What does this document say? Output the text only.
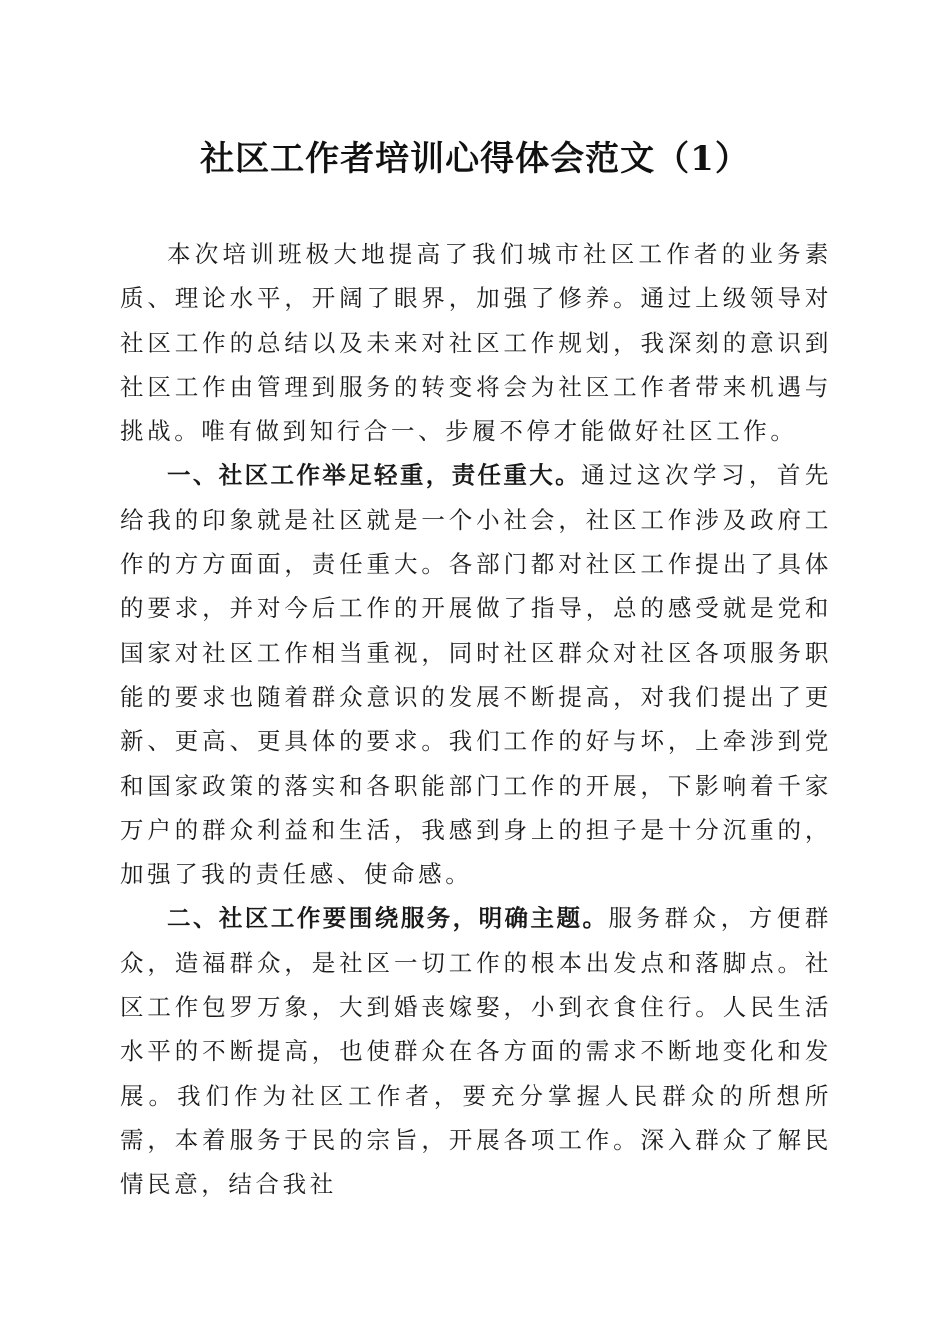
社区工作者培训心得体会范文（1）

本次培训班极大地提高了我们城市社区工作者的业务素质、理论水平，开阔了眼界，加强了修养。通过上级领导对社区工作的总结以及未来对社区工作规划，我深刻的意识到社区工作由管理到服务的转变将会为社区工作者带来机遇与挑战。唯有做到知行合一、步履不停才能做好社区工作。

一、社区工作举足轻重，责任重大。通过这次学习，首先给我的印象就是社区就是一个小社会，社区工作涉及政府工作的方方面面，责任重大。各部门都对社区工作提出了具体的要求，并对今后工作的开展做了指导，总的感受就是党和国家对社区工作相当重视，同时社区群众对社区各项服务职能的要求也随着群众意识的发展不断提高，对我们提出了更新、更高、更具体的要求。我们工作的好与坏，上牵涉到党和国家政策的落实和各职能部门工作的开展，下影响着千家万户的群众利益和生活，我感到身上的担子是十分沉重的，加强了我的责任感、使命感。

二、社区工作要围绕服务，明确主题。服务群众，方便群众，造福群众，是社区一切工作的根本出发点和落脚点。社区工作包罗万象，大到婚丧嫁娶，小到衣食住行。人民生活水平的不断提高，也使群众在各方面的需求不断地变化和发展。我们作为社区工作者，要充分掌握人民群众的所想所需，本着服务于民的宗旨，开展各项工作。深入群众了解民情民意，结合我社
